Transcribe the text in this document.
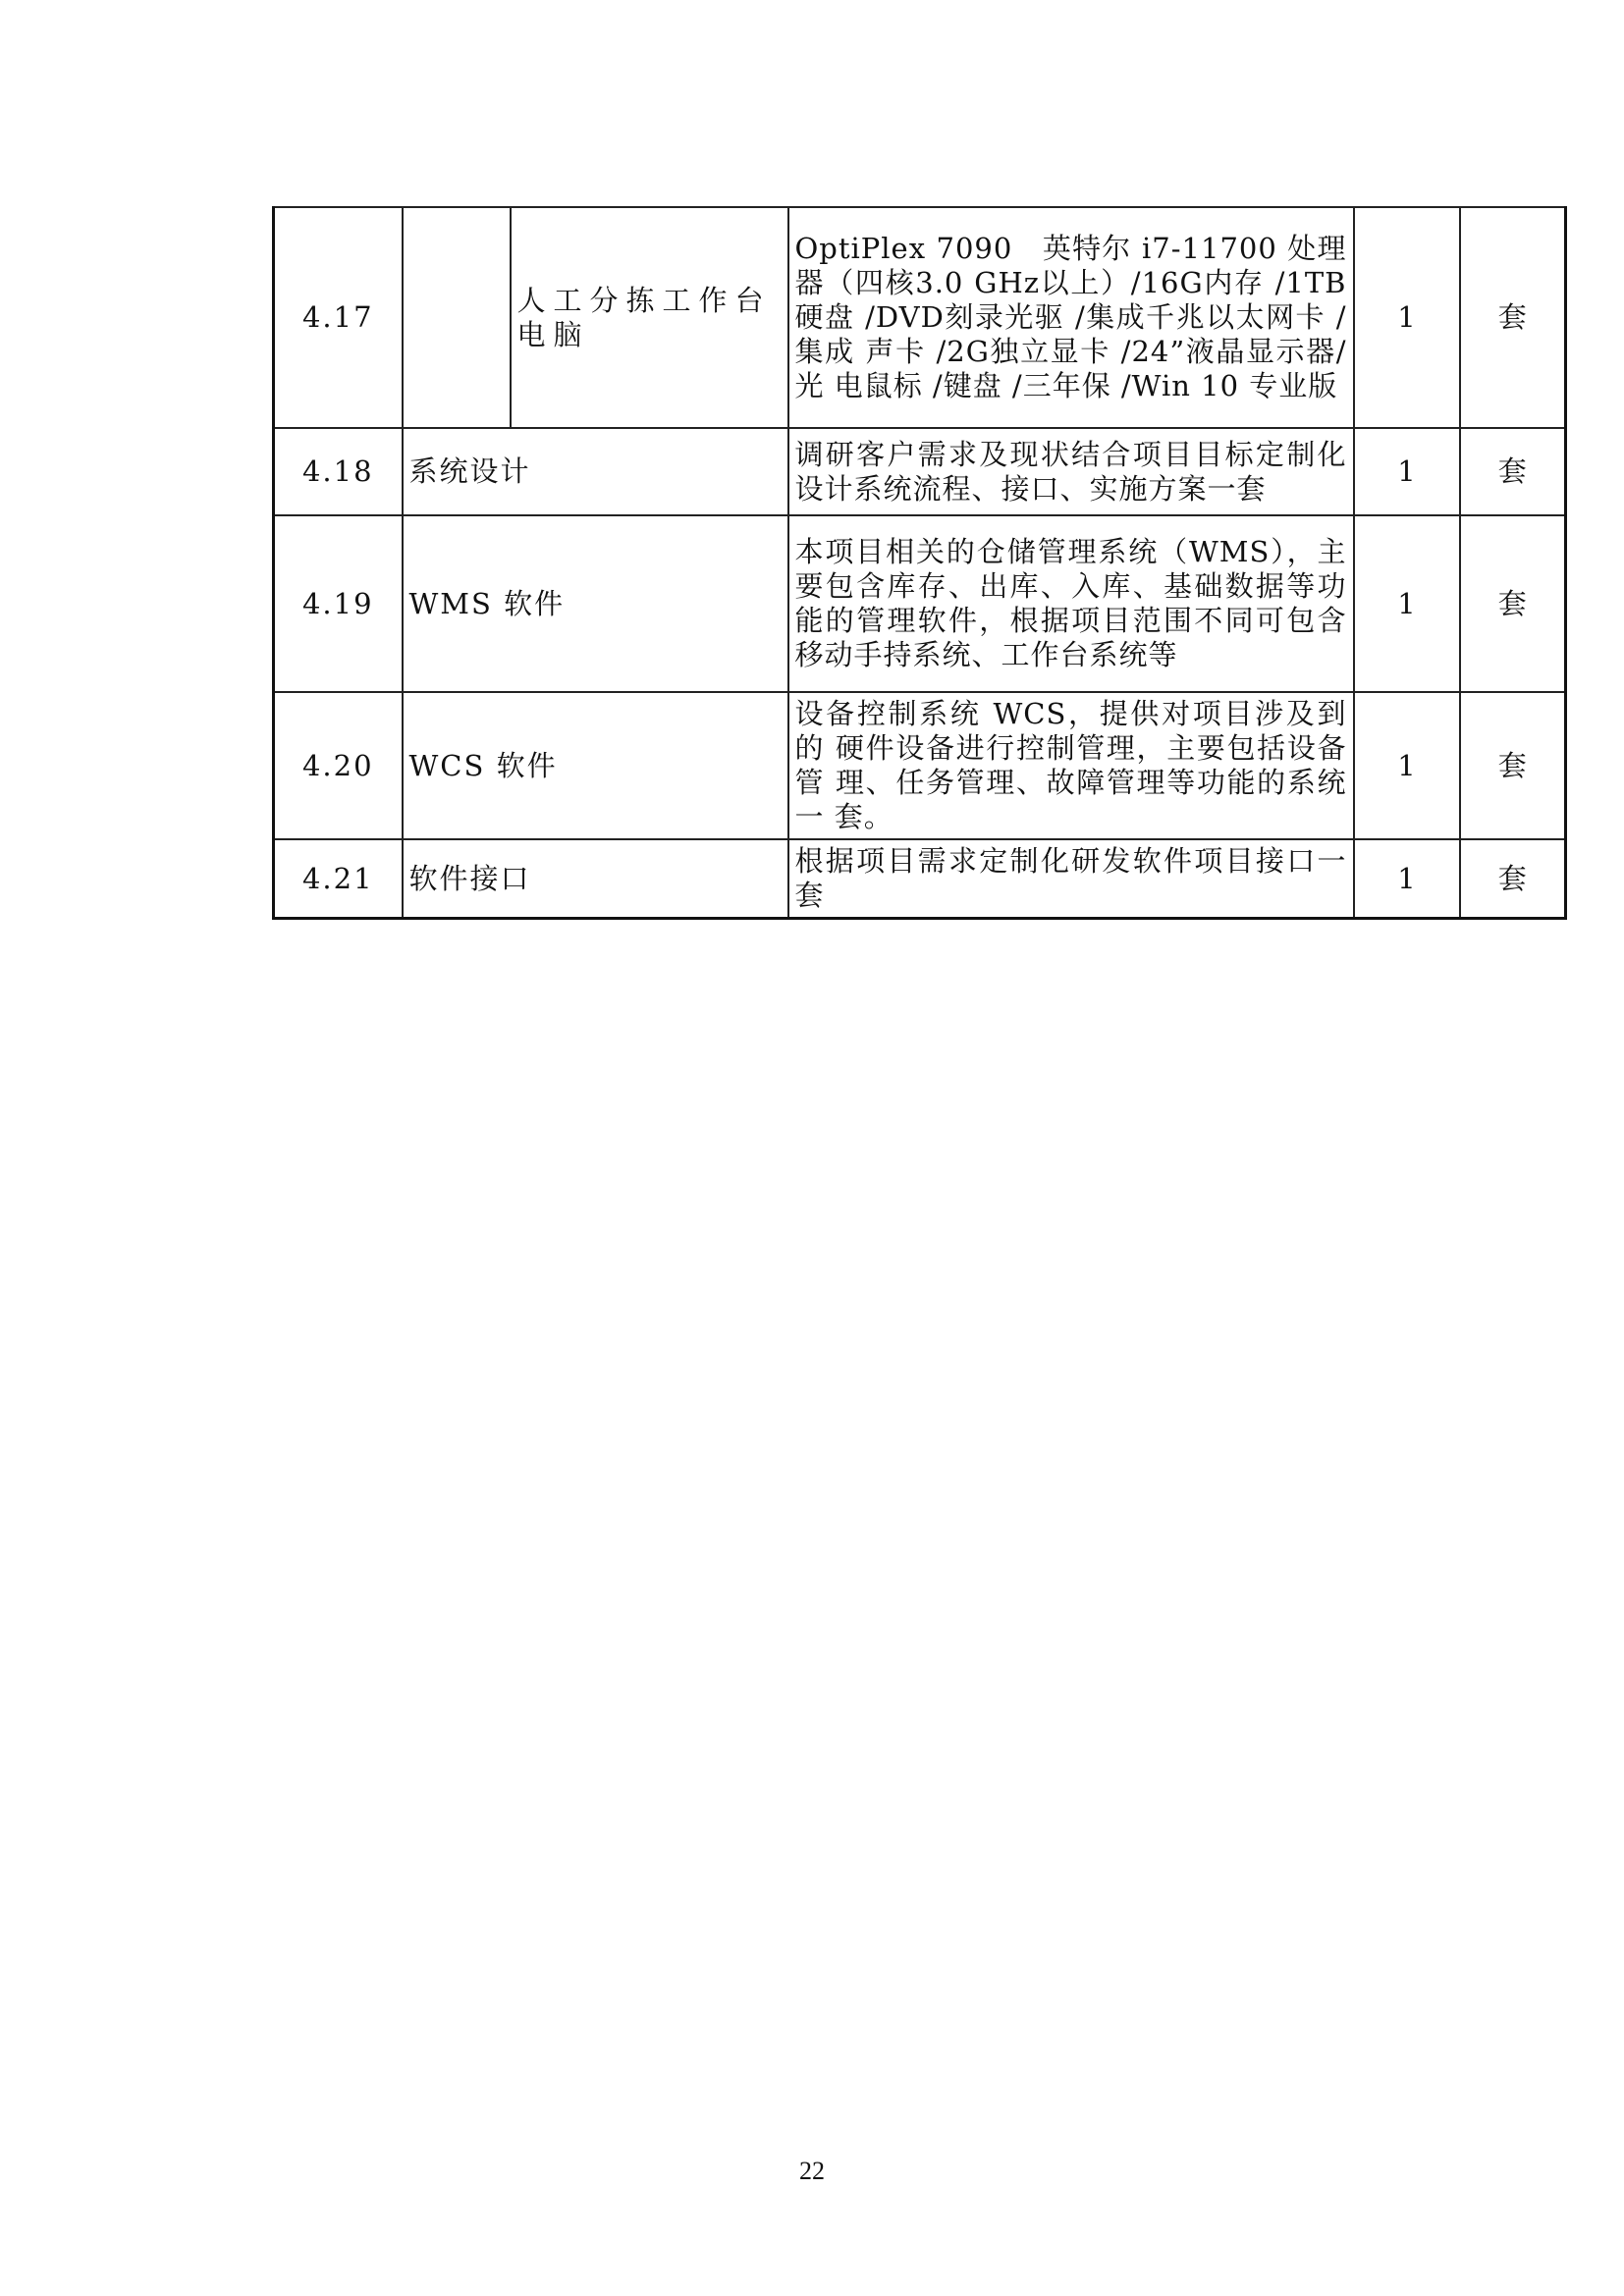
4.17		人工分拣工作台电脑	OptiPlex 7090　英特尔 i7-11700 处理器（四核3.0 GHz以上）/16G内存 /1TB 硬盘 /DVD刻录光驱 /集成千兆以太网卡 /集成 声卡 /2G独立显卡 /24”液晶显示器/光 电鼠标 /键盘 /三年保 /Win 10 专业版	1	套
4.18	系统设计		调研客户需求及现状结合项目目标定制化 设计系统流程、接口、实施方案一套	1	套
4.19	WMS 软件		本项目相关的仓储管理系统（WMS），主 要包含库存、出库、入库、基础数据等功 能的管理软件，根据项目范围不同可包含 移动手持系统、工作台系统等	1	套
4.20	WCS 软件		设备控制系统 WCS，提供对项目涉及到的 硬件设备进行控制管理，主要包括设备管 理、任务管理、故障管理等功能的系统一 套。	1	套
4.21	软件接口		根据项目需求定制化研发软件项目接口一 套	1	套
22
